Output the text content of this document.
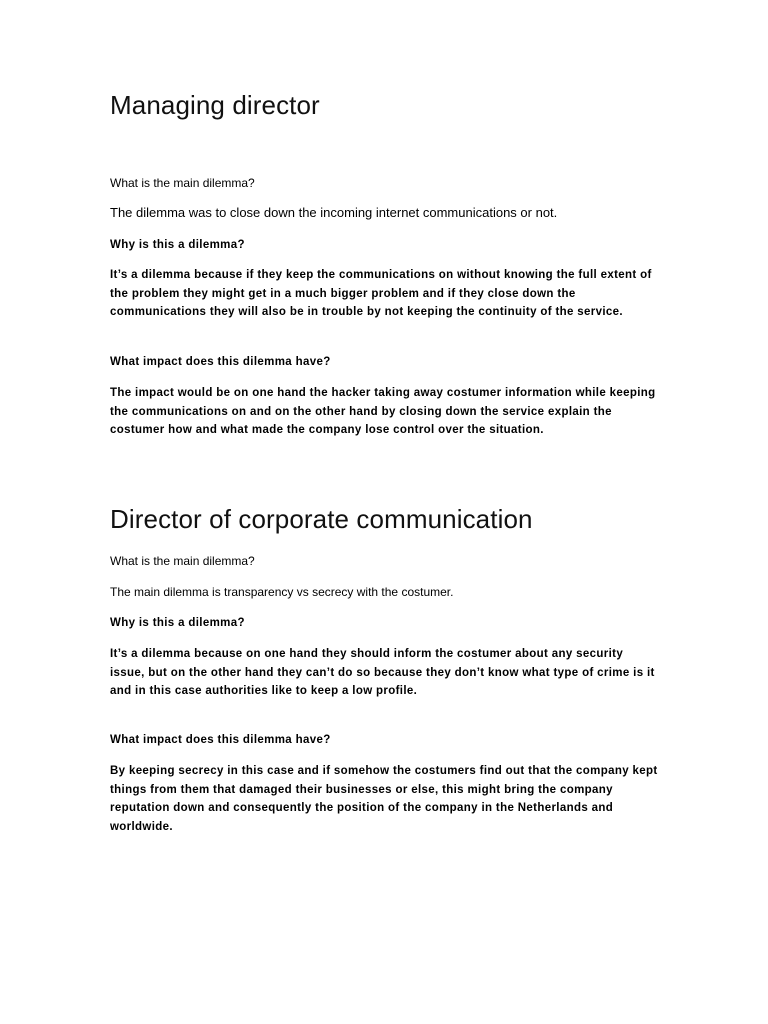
Managing director

What is the main dilemma?

The dilemma was to close down the incoming internet communications or not.

Why is this a dilemma?

It’s a dilemma because if they keep the communications on without knowing the full extent of the problem they might get in a much bigger problem and if they close down the communications they will also be in trouble by not keeping the continuity of the service.

What impact does this dilemma have?

The impact would be on one hand the hacker taking away costumer information while keeping the communications on and on the other hand by closing down the service explain the costumer how and what made the company lose control over the situation.

Director of corporate communication

What is the main dilemma?

The main dilemma is transparency vs secrecy with the costumer.

Why is this a dilemma?

It’s a dilemma because on one hand they should inform the costumer about any security issue, but on the other hand they can’t do so because they don’t know what type of crime is it and in this case authorities like to keep a low profile.

What impact does this dilemma have?

By keeping secrecy in this case and if somehow the costumers find out that the company kept things from them that damaged their businesses or else, this might bring the company reputation down and consequently the position of the company in the Netherlands and worldwide.
